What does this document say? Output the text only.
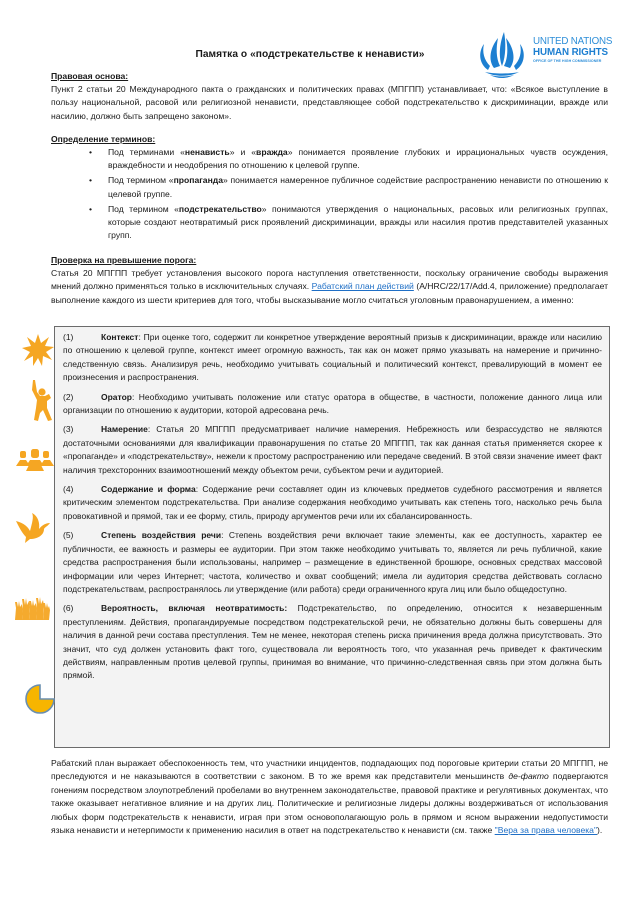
Памятка о «подстрекательстве к ненависти»
UNITED NATIONS
HUMAN RIGHTS
OFFICE OF THE HIGH COMMISSIONER
Правовая основа:
Пункт 2 статьи 20 Международного пакта о гражданских и политических правах (МПГПП) устанавливает, что: «Всякое выступление в пользу национальной, расовой или религиозной ненависти, представляющее собой подстрекательство к дискриминации, вражде или насилию, должно быть запрещено законом».
Определение терминов:
• Под терминами «ненависть» и «вражда» понимается проявление глубоких и иррациональных чувств осуждения, враждебности и неодобрения по отношению к целевой группе.
• Под термином «пропаганда» понимается намеренное публичное содействие распространению ненависти по отношению к целевой группе.
• Под термином «подстрекательство» понимаются утверждения о национальных, расовых или религиозных группах, которые создают неотвратимый риск проявлений дискриминации, вражды или насилия против представителей указанных групп.
Проверка на превышение порога:
Статья 20 МПГПП требует установления высокого порога наступления ответственности, поскольку ограничение свободы выражения мнений должно применяться только в исключительных случаях. Рабатский план действий (A/HRC/22/17/Add.4, приложение) предполагает выполнение каждого из шести критериев для того, чтобы высказывание могло считаться уголовным правонарушением, а именно:
(1)	Контекст: При оценке того, содержит ли конкретное утверждение вероятный призыв к дискриминации, вражде или насилию по отношению к целевой группе, контекст имеет огромную важность, так как он может прямо указывать на намерение и причинно-следственную связь. Анализируя речь, необходимо учитывать социальный и политический контекст, превалирующий в момент ее произнесения и распространения.
(2)	Оратор: Необходимо учитывать положение или статус оратора в обществе, в частности, положение данного лица или организации по отношению к аудитории, которой адресована речь.
(3)	Намерение: Статья 20 МПГПП предусматривает наличие намерения. Небрежность или безрассудство не являются достаточными основаниями для квалификации правонарушения по статье 20 МПГПП, так как данная статья применяется скорее к «пропаганде» и «подстрекательству», нежели к простому распространению или передаче сведений. В этой связи значение имеет факт наличия трехсторонних взаимоотношений между объектом речи, субъектом речи и аудиторией.
(4)	Содержание и форма: Содержание речи составляет один из ключевых предметов судебного рассмотрения и является критическим элементом подстрекательства. При анализе содержания необходимо учитывать как степень того, насколько речь была провокативной и прямой, так и ее форму, стиль, природу аргументов речи или их сбалансированность.
(5)	Степень воздействия речи: Степень воздействия речи включает такие элементы, как ее доступность, характер ее публичности, ее важность и размеры ее аудитории. При этом также необходимо учитывать то, является ли речь публичной, какие средства распространения были использованы, например – размещение в единственной брошюре, основных средствах массовой информации или через Интернет; частота, количество и охват сообщений; имела ли аудитория средства действовать согласно подстрекательствам, распространялось ли утверждение (или работа) среди ограниченного круга лиц или было общедоступно.
(6)	Вероятность, включая неотвратимость: Подстрекательство, по определению, относится к незавершенным преступлениям. Действия, пропагандируемые посредством подстрекательской речи, не обязательно должны быть совершены для наличия в данной речи состава преступления. Тем не менее, некоторая степень риска причинения вреда должна присутствовать. Это значит, что суд должен установить факт того, существовала ли вероятность того, что указанная речь приведет к фактическим действиям, направленным против целевой группы, принимая во внимание, что причинно-следственная связь при этом должна быть прямой.
Рабатский план выражает обеспокоенность тем, что участники инцидентов, подпадающих под пороговые критерии статьи 20 МПГПП, не преследуются и не наказываются в соответствии с законом. В то же время как представители меньшинств де-факто подвергаются гонениям посредством злоупотреблений пробелами во внутреннем законодательстве, правовой практике и регулятивных документах, что также оказывает негативное влияние и на других лиц. Политические и религиозные лидеры должны воздерживаться от использования любых форм подстрекательств к ненависти, играя при этом основополагающую роль в прямом и ясном выражении недопустимости языка ненависти и нетерпимости к применению насилия в ответ на подстрекательство к ненависти (см. также "Вера за права человека").
